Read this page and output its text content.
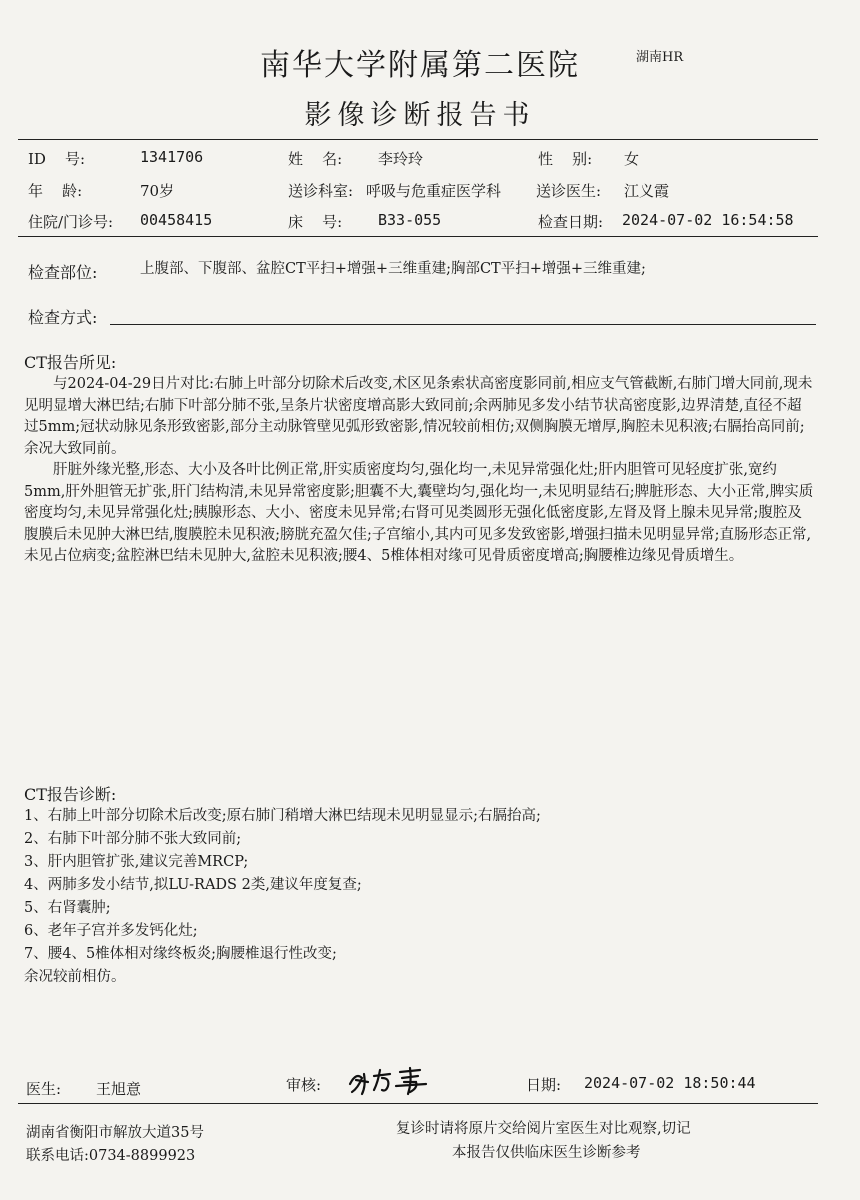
南华大学附属第二医院	湖南HR
影像诊断报告书
ID    号:	1341706	姓    名: 李玲玲	性    别: 女
年    龄:	70岁	送诊科室: 呼吸与危重症医学科 送诊医生: 江义霞
住院/门诊号: 00458415	床    号: B33-055	检查日期: 2024-07-02 16:54:58
检查部位:	上腹部、下腹部、盆腔CT平扫+增强+三维重建;胸部CT平扫+增强+三维重建;
检查方式:
CT报告所见:
与2024-04-29日片对比:右肺上叶部分切除术后改变,术区见条索状高密度影同前,相应支气管截断,右肺门增大同前,现未见明显增大淋巴结;右肺下叶部分肺不张,呈条片状密度增高影大致同前;余两肺见多发小结节状高密度影,边界清楚,直径不超过5mm;冠状动脉见条形致密影,部分主动脉管壁见弧形致密影,情况较前相仿;双侧胸膜无增厚,胸腔未见积液;右膈抬高同前;余况大致同前。
肝脏外缘光整,形态、大小及各叶比例正常,肝实质密度均匀,强化均一,未见异常强化灶;肝内胆管可见轻度扩张,宽约5mm,肝外胆管无扩张,肝门结构清,未见异常密度影;胆囊不大,囊壁均匀,强化均一,未见明显结石;脾脏形态、大小正常,脾实质密度均匀,未见异常强化灶;胰腺形态、大小、密度未见异常;右肾可见类圆形无强化低密度影,左肾及肾上腺未见异常;腹腔及腹膜后未见肿大淋巴结,腹膜腔未见积液;膀胱充盈欠佳;子宫缩小,其内可见多发致密影,增强扫描未见明显异常;直肠形态正常,未见占位病变;盆腔淋巴结未见肿大,盆腔未见积液;腰4、5椎体相对缘可见骨质密度增高;胸腰椎边缘见骨质增生。
CT报告诊断:
1、右肺上叶部分切除术后改变;原右肺门稍增大淋巴结现未见明显显示;右膈抬高;
2、右肺下叶部分肺不张大致同前;
3、肝内胆管扩张,建议完善MRCP;
4、两肺多发小结节,拟LU-RADS 2类,建议年度复查;
5、右肾囊肿;
6、老年子宫并多发钙化灶;
7、腰4、5椎体相对缘终板炎;胸腰椎退行性改变;
余况较前相仿。
医生: 王旭意	审核:	日期: 2024-07-02 18:50:44
湖南省衡阳市解放大道35号
联系电话:0734-8899923
复诊时请将原片交给阅片室医生对比观察,切记
本报告仅供临床医生诊断参考
